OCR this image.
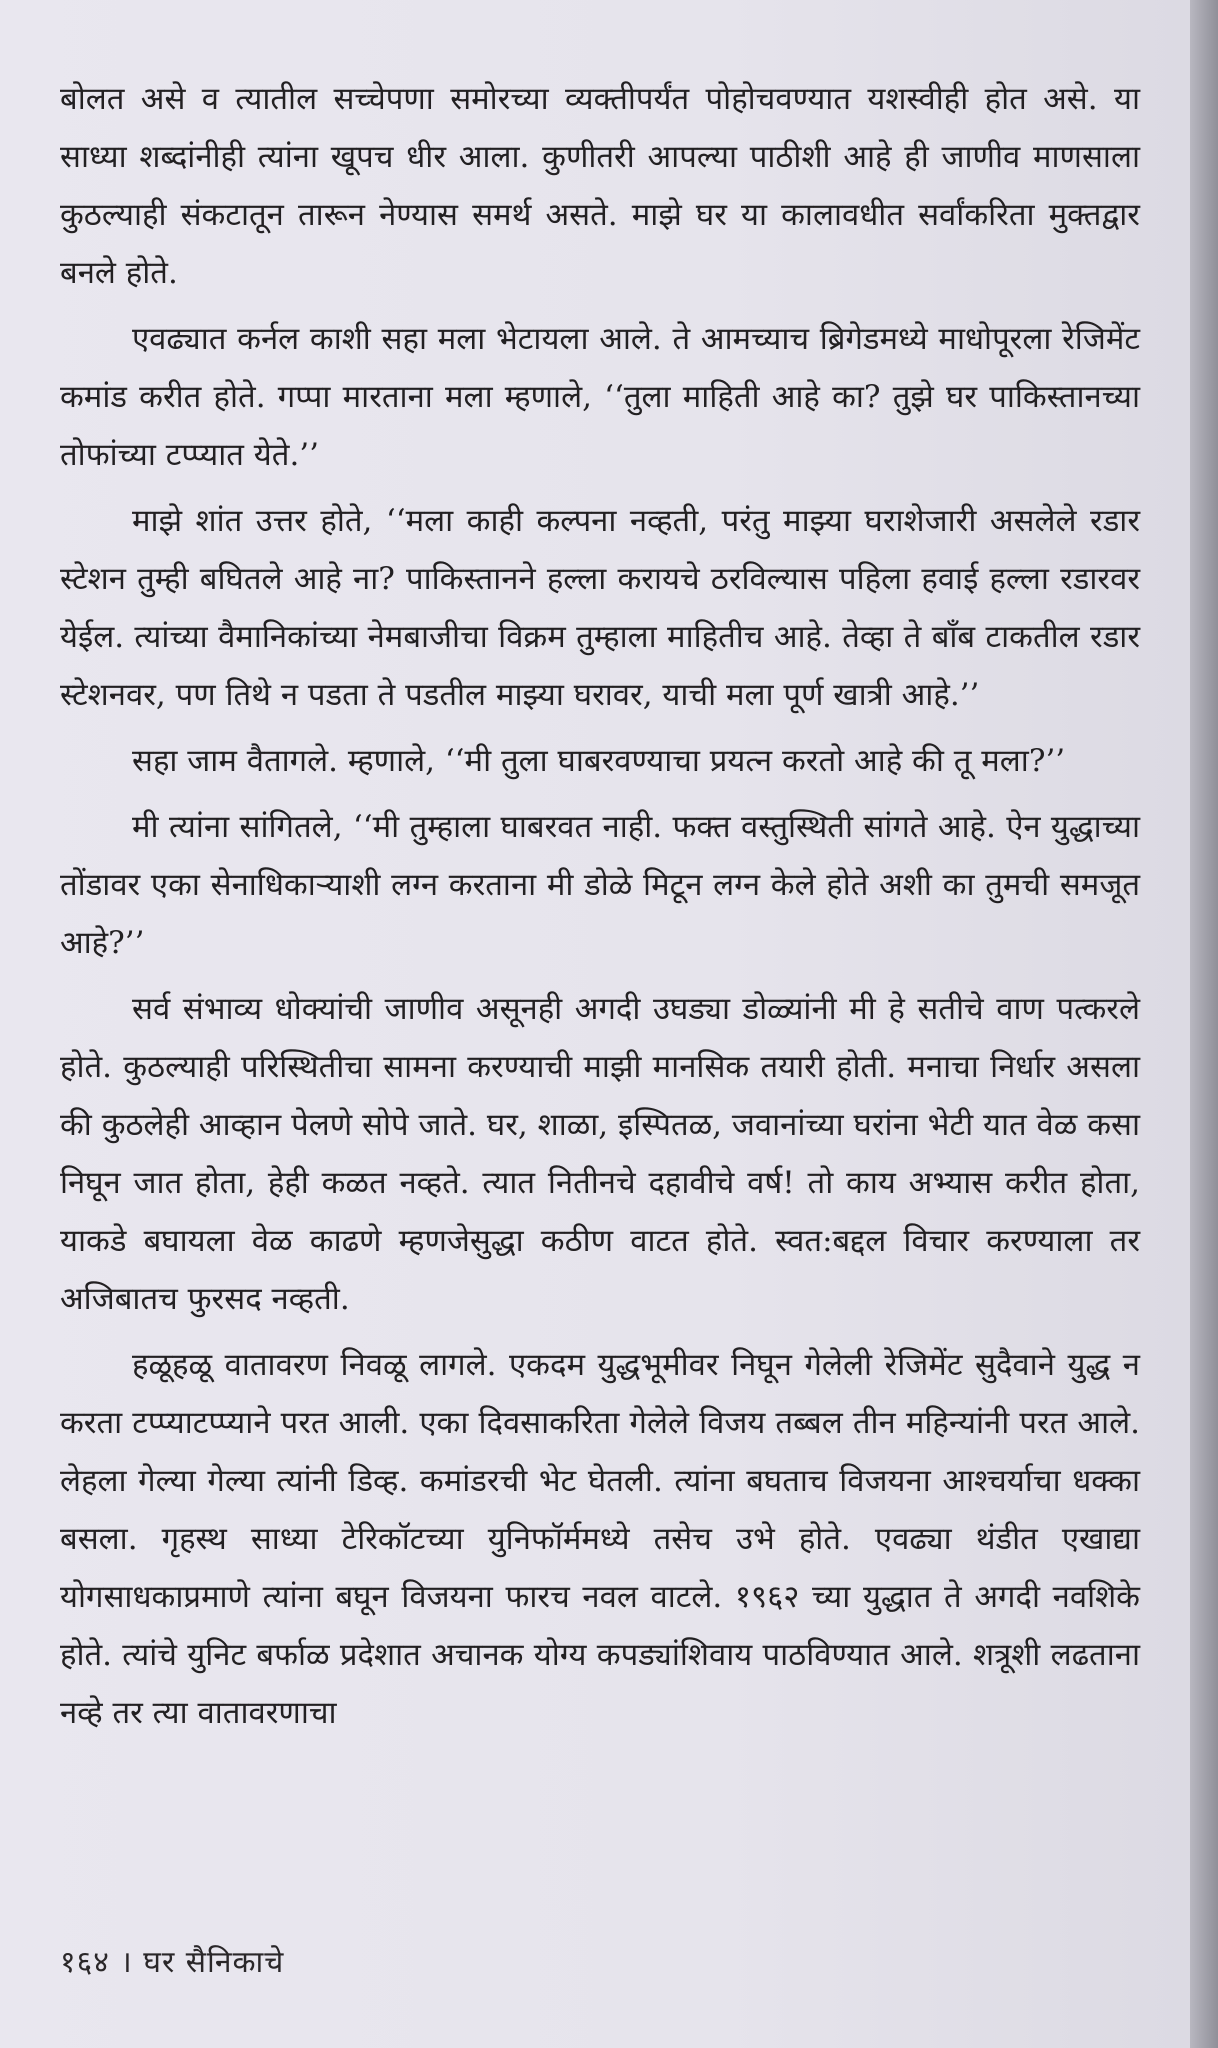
बोलत असे व त्यातील सच्चेपणा समोरच्या व्यक्तीपर्यंत पोहोचवण्यात यशस्वीही होत असे. या साध्या शब्दांनीही त्यांना खूपच धीर आला. कुणीतरी आपल्या पाठीशी आहे ही जाणीव माणसाला कुठल्याही संकटातून तारून नेण्यास समर्थ असते. माझे घर या कालावधीत सर्वांकरिता मुक्तद्वार बनले होते.

एवढ्यात कर्नल काशी सहा मला भेटायला आले. ते आमच्याच ब्रिगेडमध्ये माधोपूरला रेजिमेंट कमांड करीत होते. गप्पा मारताना मला म्हणाले, ‘‘तुला माहिती आहे का? तुझे घर पाकिस्तानच्या तोफांच्या टप्प्यात येते.’’

माझे शांत उत्तर होते, ‘‘मला काही कल्पना नव्हती, परंतु माझ्या घराशेजारी असलेले रडार स्टेशन तुम्ही बघितले आहे ना? पाकिस्तानने हल्ला करायचे ठरविल्यास पहिला हवाई हल्ला रडारवर येईल. त्यांच्या वैमानिकांच्या नेमबाजीचा विक्रम तुम्हाला माहितीच आहे. तेव्हा ते बाँब टाकतील रडार स्टेशनवर, पण तिथे न पडता ते पडतील माझ्या घरावर, याची मला पूर्ण खात्री आहे.’’

सहा जाम वैतागले. म्हणाले, ‘‘मी तुला घाबरवण्याचा प्रयत्न करतो आहे की तू मला?’’

मी त्यांना सांगितले, ‘‘मी तुम्हाला घाबरवत नाही. फक्त वस्तुस्थिती सांगते आहे. ऐन युद्धाच्या तोंडावर एका सेनाधिकाऱ्याशी लग्न करताना मी डोळे मिटून लग्न केले होते अशी का तुमची समजूत आहे?’’

सर्व संभाव्य धोक्यांची जाणीव असूनही अगदी उघड्या डोळ्यांनी मी हे सतीचे वाण पत्करले होते. कुठल्याही परिस्थितीचा सामना करण्याची माझी मानसिक तयारी होती. मनाचा निर्धार असला की कुठलेही आव्हान पेलणे सोपे जाते. घर, शाळा, इस्पितळ, जवानांच्या घरांना भेटी यात वेळ कसा निघून जात होता, हेही कळत नव्हते. त्यात नितीनचे दहावीचे वर्ष! तो काय अभ्यास करीत होता, याकडे बघायला वेळ काढणे म्हणजेसुद्धा कठीण वाटत होते. स्वत:बद्दल विचार करण्याला तर अजिबातच फुरसद नव्हती.

हळूहळू वातावरण निवळू लागले. एकदम युद्धभूमीवर निघून गेलेली रेजिमेंट सुदैवाने युद्ध न करता टप्प्याटप्प्याने परत आली. एका दिवसाकरिता गेलेले विजय तब्बल तीन महिन्यांनी परत आले. लेहला गेल्या गेल्या त्यांनी डिव्ह. कमांडरची भेट घेतली. त्यांना बघताच विजयना आश्चर्याचा धक्का बसला. गृहस्थ साध्या टेरिकॉटच्या युनिफॉर्ममध्ये तसेच उभे होते. एवढ्या थंडीत एखाद्या योगसाधकाप्रमाणे त्यांना बघून विजयना फारच नवल वाटले. १९६२ च्या युद्धात ते अगदी नवशिके होते. त्यांचे युनिट बर्फाळ प्रदेशात अचानक योग्य कपड्यांशिवाय पाठविण्यात आले. शत्रूशी लढताना नव्हे तर त्या वातावरणाचा

१६४ । घर सैनिकाचे
